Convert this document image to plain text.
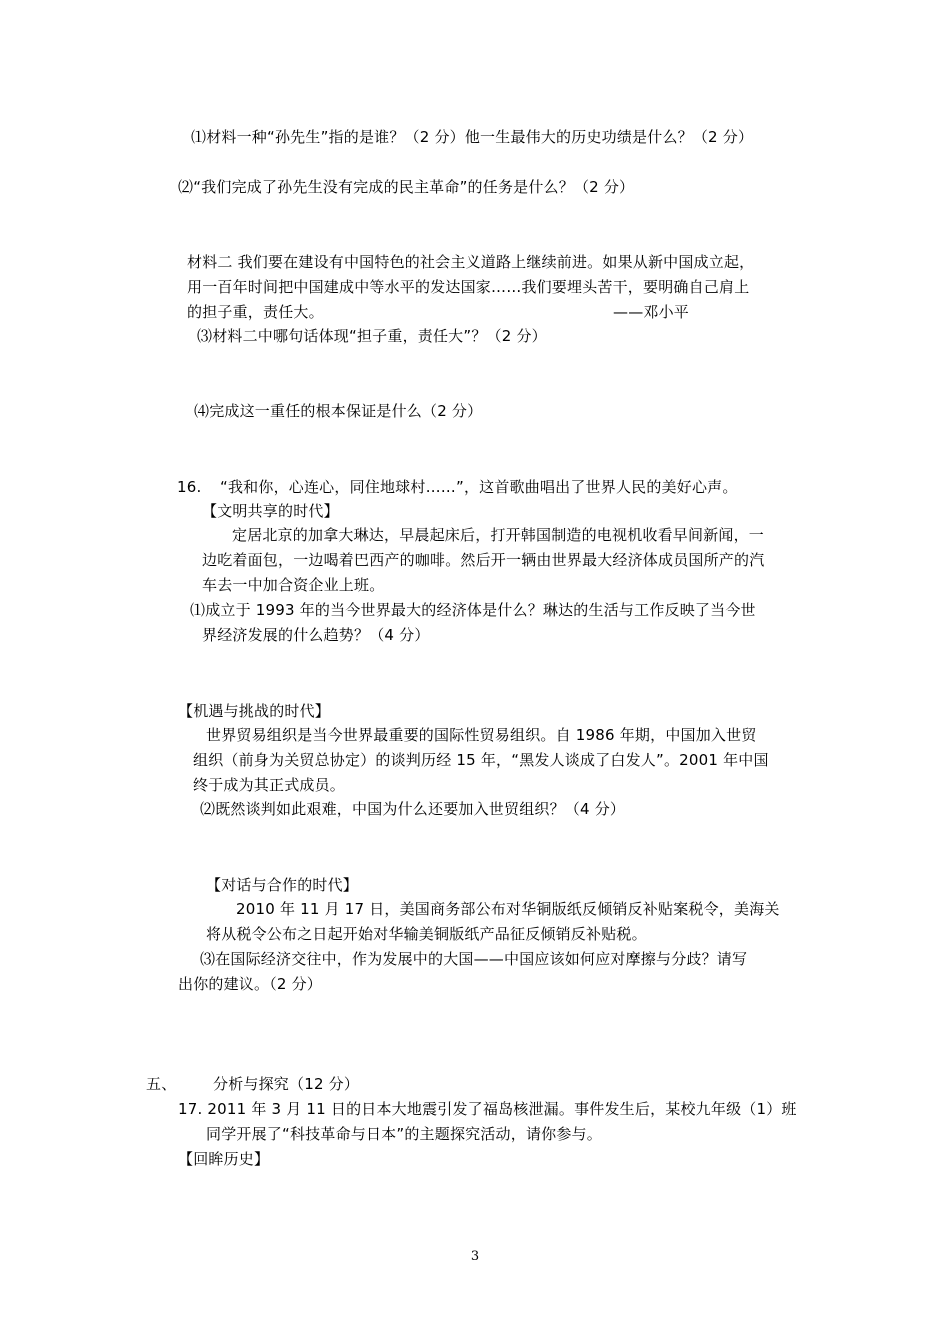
⑴材料一种“孙先生”指的是谁？（2 分）他一生最伟大的历史功绩是什么？（2 分）
⑵“我们完成了孙先生没有完成的民主革命”的任务是什么？（2 分）
材料二 我们要在建设有中国特色的社会主义道路上继续前进。如果从新中国成立起，
用一百年时间把中国建成中等水平的发达国家……我们要埋头苦干，要明确自己肩上
的担子重，责任大。	——邓小平
⑶材料二中哪句话体现“担子重，责任大”？（2 分）
⑷完成这一重任的根本保证是什么（2 分）
16. “我和你，心连心，同住地球村……”，这首歌曲唱出了世界人民的美好心声。
【文明共享的时代】
定居北京的加拿大琳达，早晨起床后，打开韩国制造的电视机收看早间新闻，一
边吃着面包，一边喝着巴西产的咖啡。然后开一辆由世界最大经济体成员国所产的汽
车去一中加合资企业上班。
⑴成立于 1993 年的当今世界最大的经济体是什么？琳达的生活与工作反映了当今世
界经济发展的什么趋势？（4 分）
【机遇与挑战的时代】
世界贸易组织是当今世界最重要的国际性贸易组织。自 1986 年期，中国加入世贸
组织（前身为关贸总协定）的谈判历经 15 年，“黑发人谈成了白发人”。2001 年中国
终于成为其正式成员。
⑵既然谈判如此艰难，中国为什么还要加入世贸组织？（4 分）
【对话与合作的时代】
2010 年 11 月 17 日，美国商务部公布对华铜版纸反倾销反补贴案税令，美海关
将从税令公布之日起开始对华输美铜版纸产品征反倾销反补贴税。
⑶在国际经济交往中，作为发展中的大国——中国应该如何应对摩擦与分歧？请写
出你的建议。（2 分）
五、 分析与探究（12 分）
17. 2011 年 3 月 11 日的日本大地震引发了福岛核泄漏。事件发生后，某校九年级（1）班
同学开展了“科技革命与日本”的主题探究活动，请你参与。
【回眸历史】
3
